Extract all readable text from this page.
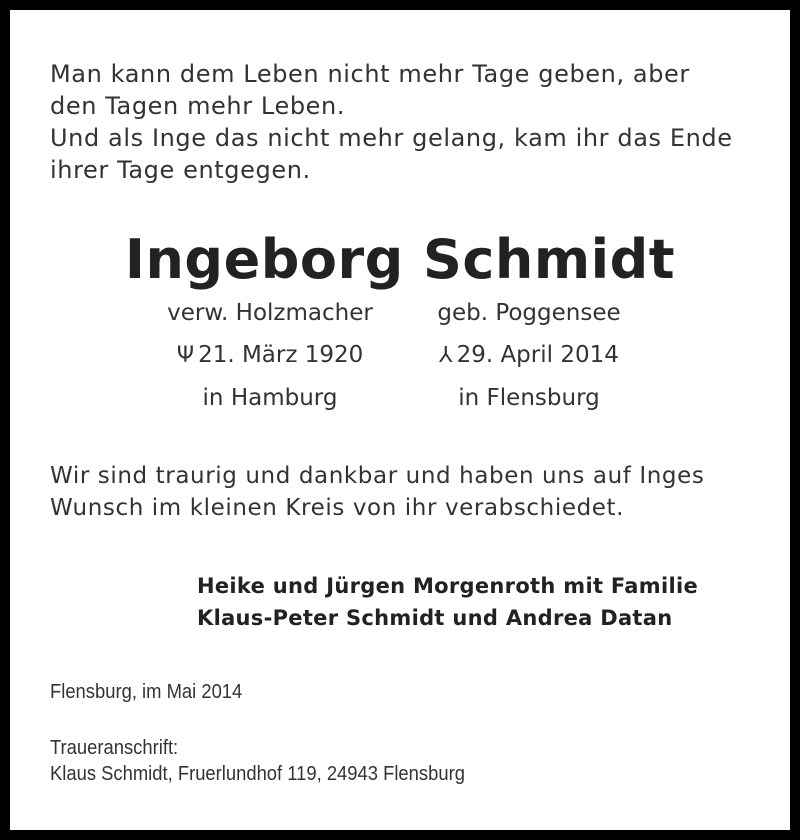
Man kann dem Leben nicht mehr Tage geben, aber
den Tagen mehr Leben.
Und als Inge das nicht mehr gelang, kam ihr das Ende
ihrer Tage entgegen.
Ingeborg Schmidt
verw. Holzmacher
Ψ 21. März 1920
in Hamburg
geb. Poggensee
⅄ 29. April 2014
in Flensburg
Wir sind traurig und dankbar und haben uns auf Inges
Wunsch im kleinen Kreis von ihr verabschiedet.
Heike und Jürgen Morgenroth mit Familie
Klaus-Peter Schmidt und Andrea Datan
Flensburg, im Mai 2014
Traueranschrift:
Klaus Schmidt, Fruerlundhof 119, 24943 Flensburg
